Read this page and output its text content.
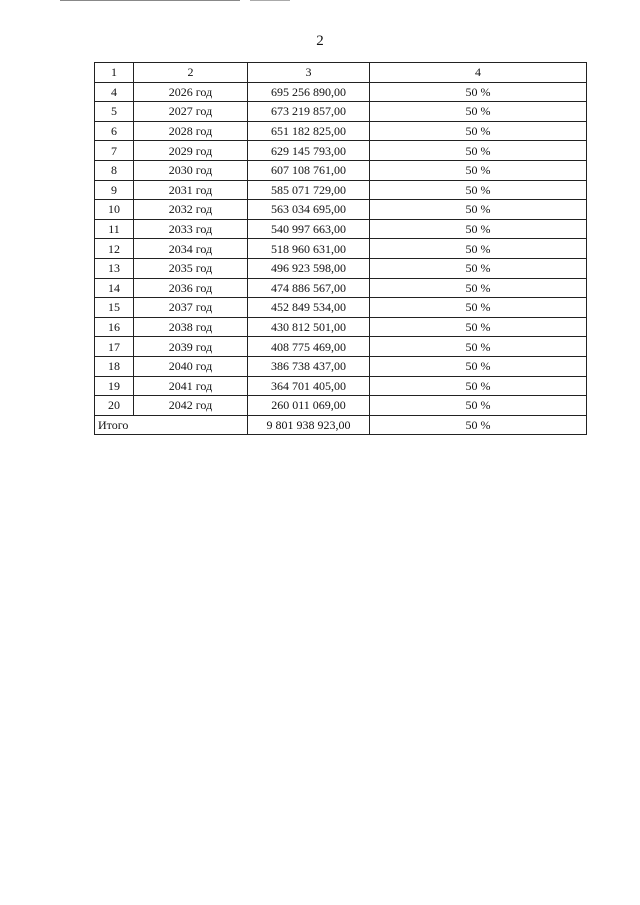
2
1	2	3	4
4	2026 год	695 256 890,00	50 %
5	2027 год	673 219 857,00	50 %
6	2028 год	651 182 825,00	50 %
7	2029 год	629 145 793,00	50 %
8	2030 год	607 108 761,00	50 %
9	2031 год	585 071 729,00	50 %
10	2032 год	563 034 695,00	50 %
11	2033 год	540 997 663,00	50 %
12	2034 год	518 960 631,00	50 %
13	2035 год	496 923 598,00	50 %
14	2036 год	474 886 567,00	50 %
15	2037 год	452 849 534,00	50 %
16	2038 год	430 812 501,00	50 %
17	2039 год	408 775 469,00	50 %
18	2040 год	386 738 437,00	50 %
19	2041 год	364 701 405,00	50 %
20	2042 год	260 011 069,00	50 %
Итого		9 801 938 923,00	50 %
